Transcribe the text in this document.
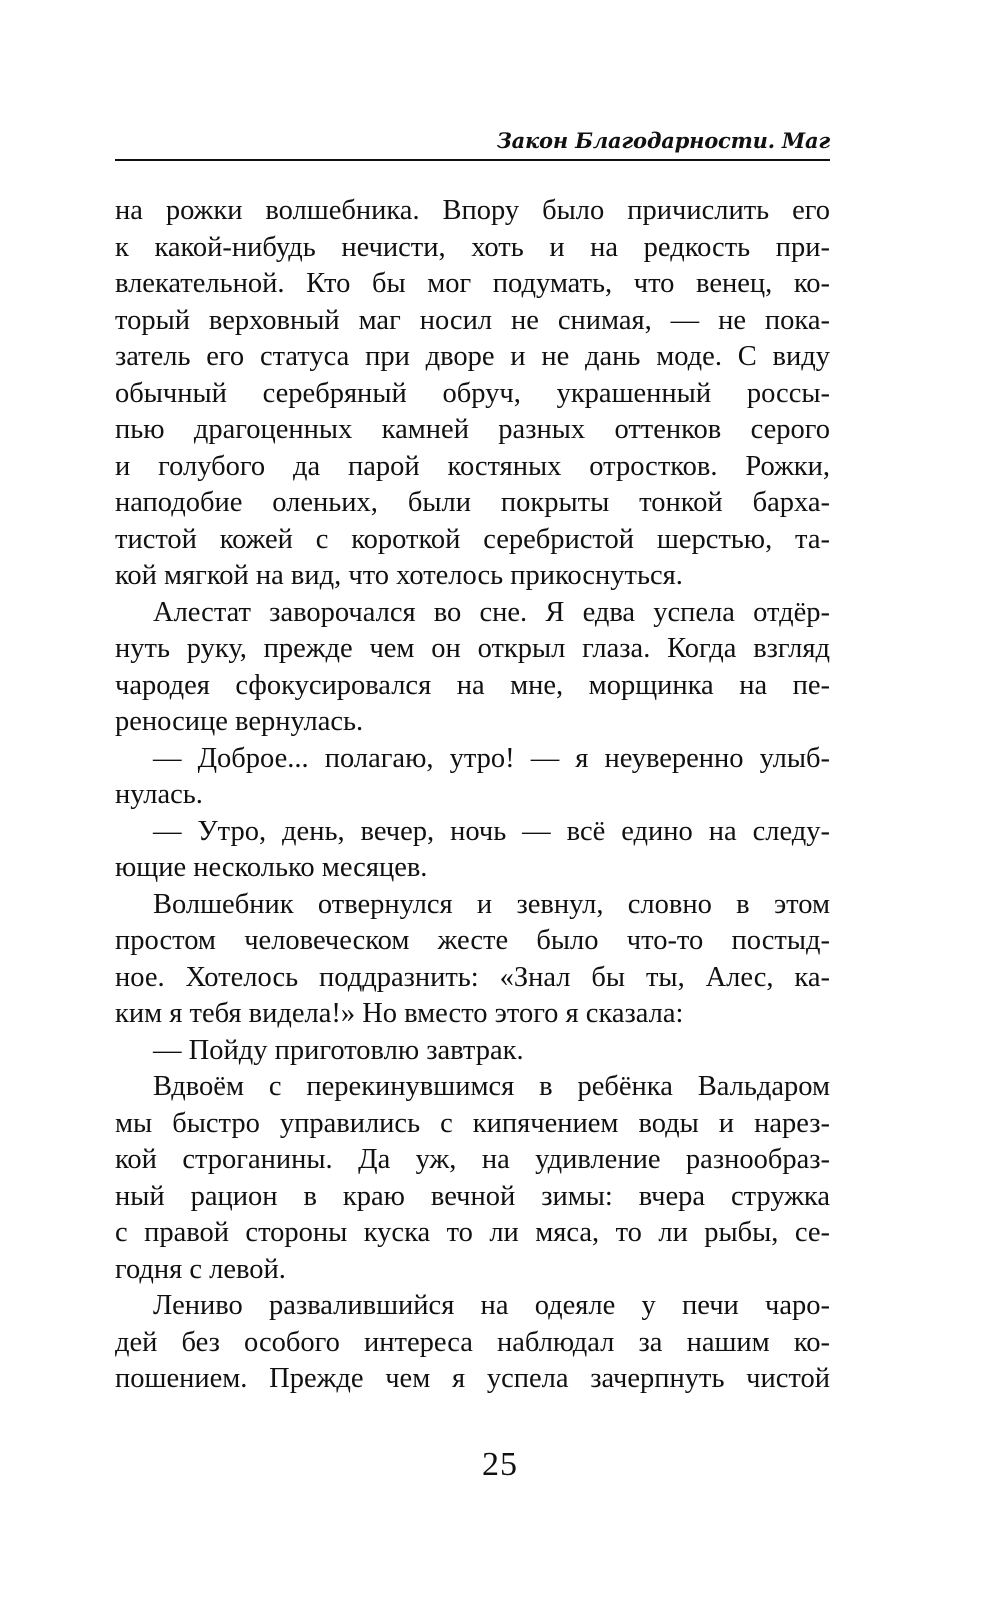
Закон Благодарности. Маг
на рожки волшебника. Впору было причислить его
к какой-нибудь нечисти, хоть и на редкость при-
влекательной. Кто бы мог подумать, что венец, ко-
торый верховный маг носил не снимая, — не пока-
затель его статуса при дворе и не дань моде. С виду
обычный серебряный обруч, украшенный россы-
пью драгоценных камней разных оттенков серого
и голубого да парой костяных отростков. Рожки,
наподобие оленьих, были покрыты тонкой барха-
тистой кожей с короткой серебристой шерстью, та-
кой мягкой на вид, что хотелось прикоснуться.
Алестат заворочался во сне. Я едва успела отдёр-
нуть руку, прежде чем он открыл глаза. Когда взгляд
чародея сфокусировался на мне, морщинка на пе-
реносице вернулась.
— Доброе... полагаю, утро! — я неуверенно улыб-
нулась.
— Утро, день, вечер, ночь — всё едино на следу-
ющие несколько месяцев.
Волшебник отвернулся и зевнул, словно в этом
простом человеческом жесте было что-то постыд-
ное. Хотелось поддразнить: «Знал бы ты, Алес, ка-
ким я тебя видела!» Но вместо этого я сказала:
— Пойду приготовлю завтрак.
Вдвоём с перекинувшимся в ребёнка Вальдаром
мы быстро управились с кипячением воды и нарез-
кой строганины. Да уж, на удивление разнообраз-
ный рацион в краю вечной зимы: вчера стружка
с правой стороны куска то ли мяса, то ли рыбы, се-
годня с левой.
Лениво развалившийся на одеяле у печи чаро-
дей без особого интереса наблюдал за нашим ко-
пошением. Прежде чем я успела зачерпнуть чистой
25
